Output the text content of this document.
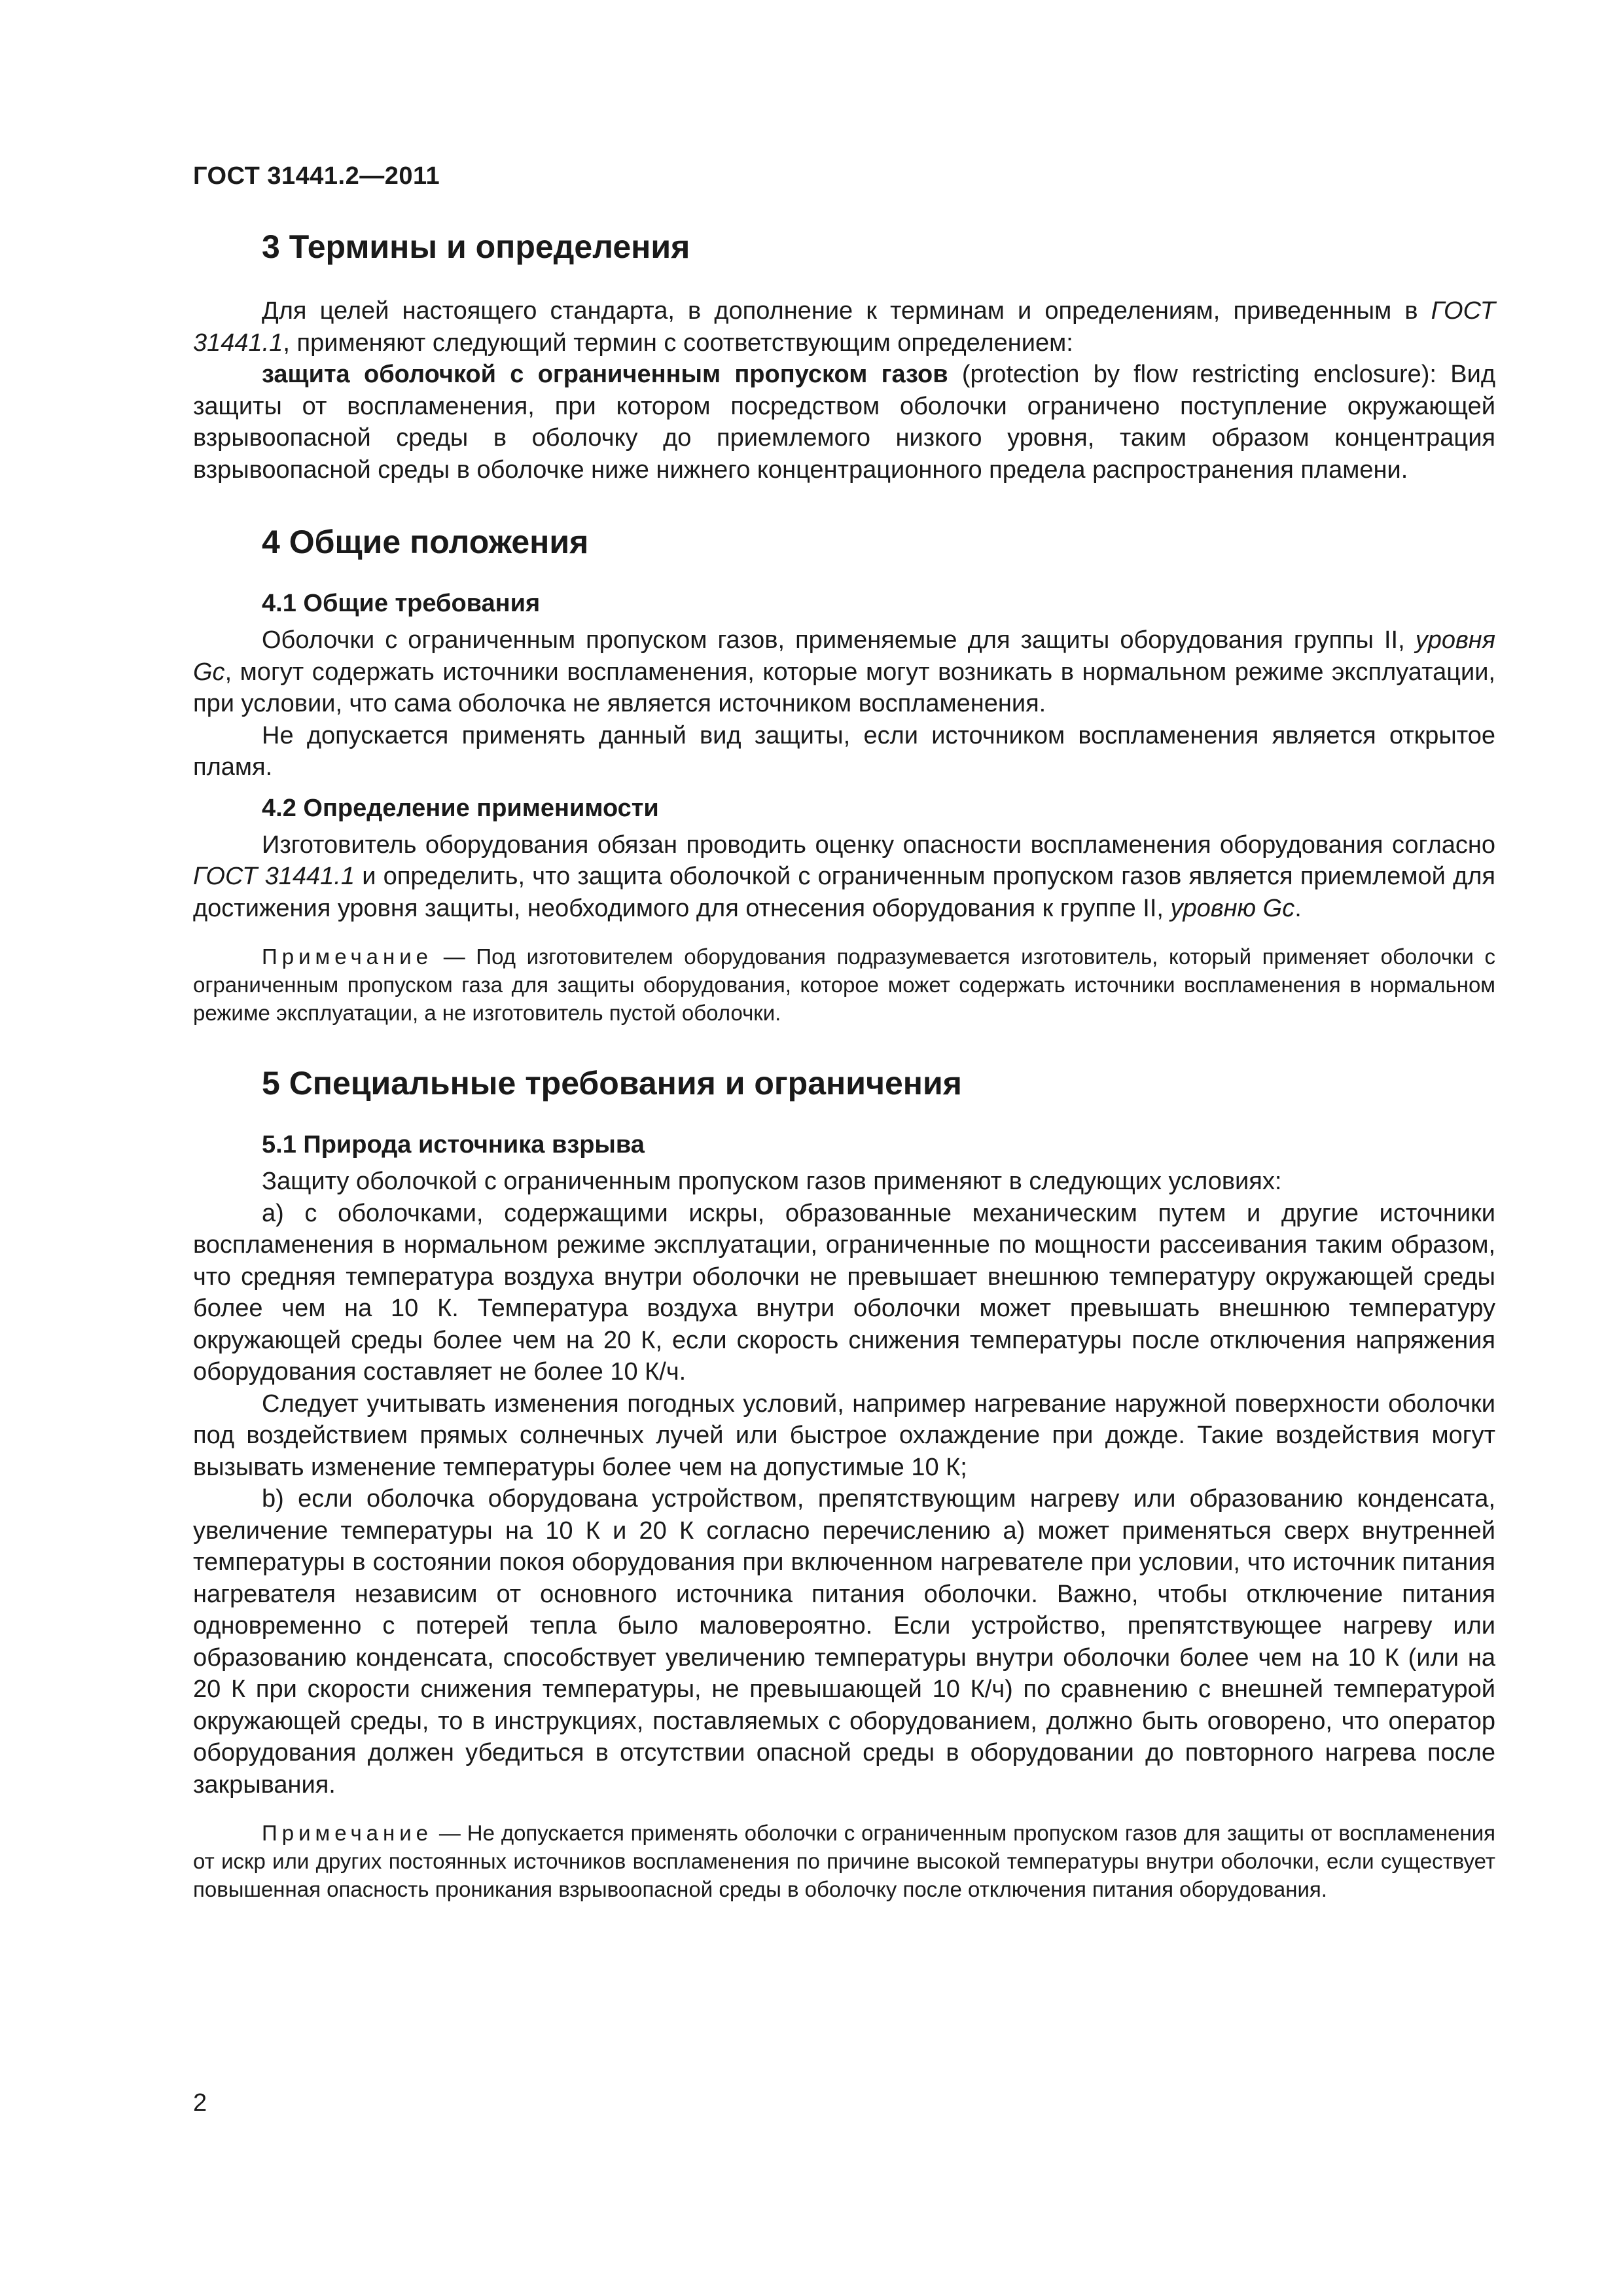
ГОСТ 31441.2—2011
3 Термины и определения

Для целей настоящего стандарта, в дополнение к терминам и определениям, приведенным в ГОСТ 31441.1, применяют следующий термин с соответствующим определением:

защита оболочкой с ограниченным пропуском газов (protection by flow restricting enclosure): Вид защиты от воспламенения, при котором посредством оболочки ограничено поступление окружающей взрывоопасной среды в оболочку до приемлемого низкого уровня, таким образом концентрация взрывоопасной среды в оболочке ниже нижнего концентрационного предела распространения пламени.

4 Общие положения
4.1 Общие требования

Оболочки с ограниченным пропуском газов, применяемые для защиты оборудования группы II, уровня Gc, могут содержать источники воспламенения, которые могут возникать в нормальном режиме эксплуатации, при условии, что сама оболочка не является источником воспламенения.

Не допускается применять данный вид защиты, если источником воспламенения является открытое пламя.

4.2 Определение применимости

Изготовитель оборудования обязан проводить оценку опасности воспламенения оборудования согласно ГОСТ 31441.1 и определить, что защита оболочкой с ограниченным пропуском газов является приемлемой для достижения уровня защиты, необходимого для отнесения оборудования к группе II, уровню Gc.

Примечание — Под изготовителем оборудования подразумевается изготовитель, который применяет оболочки с ограниченным пропуском газа для защиты оборудования, которое может содержать источники воспламенения в нормальном режиме эксплуатации, а не изготовитель пустой оболочки.

5 Специальные требования и ограничения
5.1 Природа источника взрыва

Защиту оболочкой с ограниченным пропуском газов применяют в следующих условиях:

a) с оболочками, содержащими искры, образованные механическим путем и другие источники воспламенения в нормальном режиме эксплуатации, ограниченные по мощности рассеивания таким образом, что средняя температура воздуха внутри оболочки не превышает внешнюю температуру окружающей среды более чем на 10 К. Температура воздуха внутри оболочки может превышать внешнюю температуру окружающей среды более чем на 20 К, если скорость снижения температуры после отключения напряжения оборудования составляет не более 10 К/ч.

Следует учитывать изменения погодных условий, например нагревание наружной поверхности оболочки под воздействием прямых солнечных лучей или быстрое охлаждение при дожде. Такие воздействия могут вызывать изменение температуры более чем на допустимые 10 К;

b) если оболочка оборудована устройством, препятствующим нагреву или образованию конденсата, увеличение температуры на 10 К и 20 К согласно перечислению а) может применяться сверх внутренней температуры в состоянии покоя оборудования при включенном нагревателе при условии, что источник питания нагревателя независим от основного источника питания оболочки. Важно, чтобы отключение питания одновременно с потерей тепла было маловероятно. Если устройство, препятствующее нагреву или образованию конденсата, способствует увеличению температуры внутри оболочки более чем на 10 К (или на 20 К при скорости снижения температуры, не превышающей 10 К/ч) по сравнению с внешней температурой окружающей среды, то в инструкциях, поставляемых с оборудованием, должно быть оговорено, что оператор оборудования должен убедиться в отсутствии опасной среды в оборудовании до повторного нагрева после закрывания.

Примечание — Не допускается применять оболочки с ограниченным пропуском газов для защиты от воспламенения от искр или других постоянных источников воспламенения по причине высокой температуры внутри оболочки, если существует повышенная опасность проникания взрывоопасной среды в оболочку после отключения питания оборудования.

2
